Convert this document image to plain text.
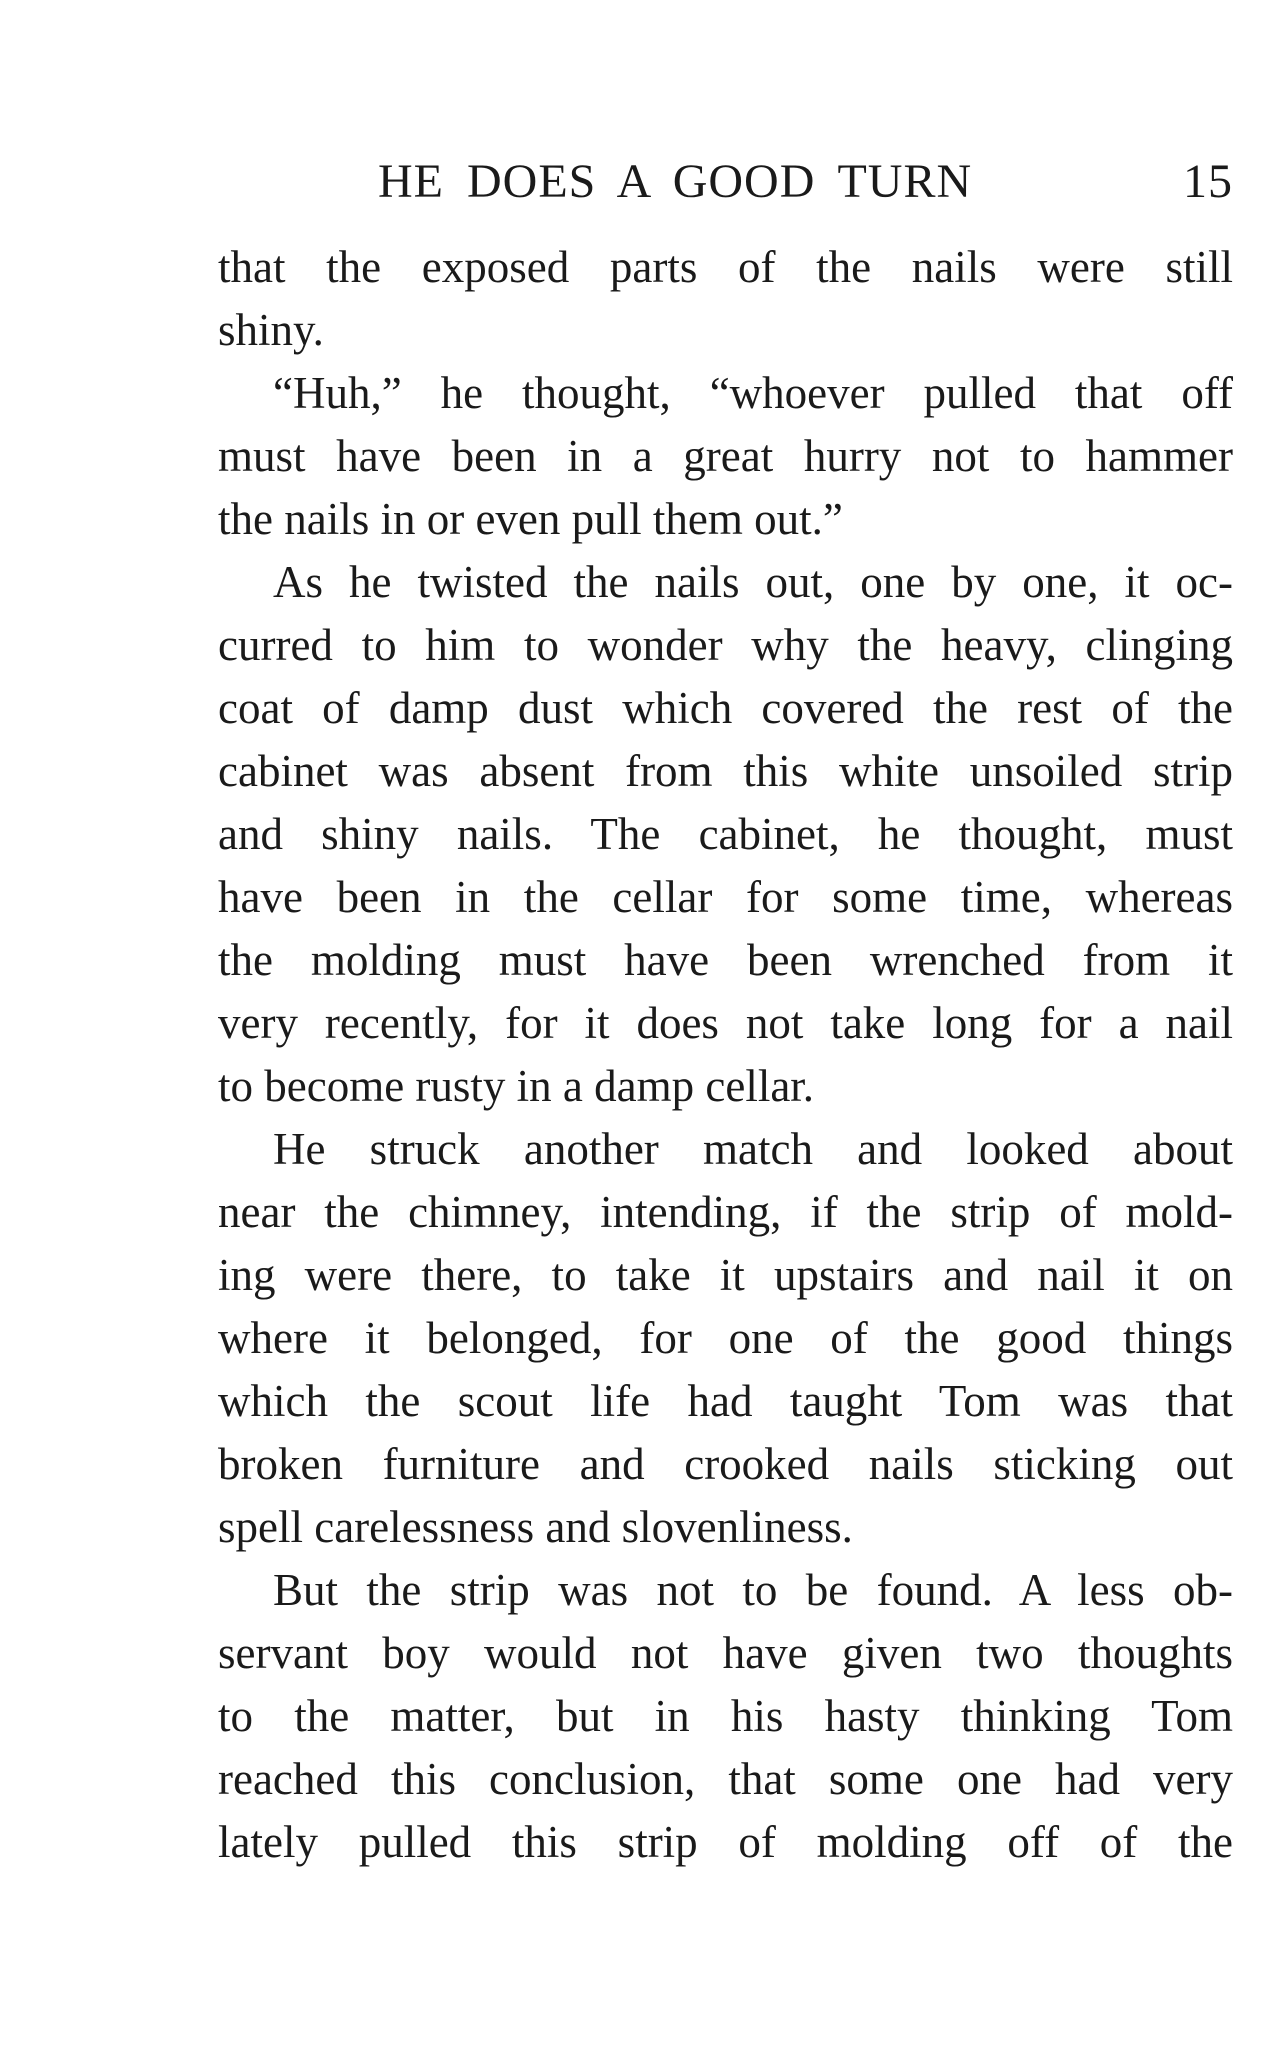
HE DOES A GOOD TURN	15
that the exposed parts of the nails were still
shiny.
“Huh,” he thought, “whoever pulled that off
must have been in a great hurry not to hammer
the nails in or even pull them out.”
As he twisted the nails out, one by one, it oc-
curred to him to wonder why the heavy, clinging
coat of damp dust which covered the rest of the
cabinet was absent from this white unsoiled strip
and shiny nails. The cabinet, he thought, must
have been in the cellar for some time, whereas
the molding must have been wrenched from it
very recently, for it does not take long for a nail
to become rusty in a damp cellar.
He struck another match and looked about
near the chimney, intending, if the strip of mold-
ing were there, to take it upstairs and nail it on
where it belonged, for one of the good things
which the scout life had taught Tom was that
broken furniture and crooked nails sticking out
spell carelessness and slovenliness.
But the strip was not to be found. A less ob-
servant boy would not have given two thoughts
to the matter, but in his hasty thinking Tom
reached this conclusion, that some one had very
lately pulled this strip of molding off of the
